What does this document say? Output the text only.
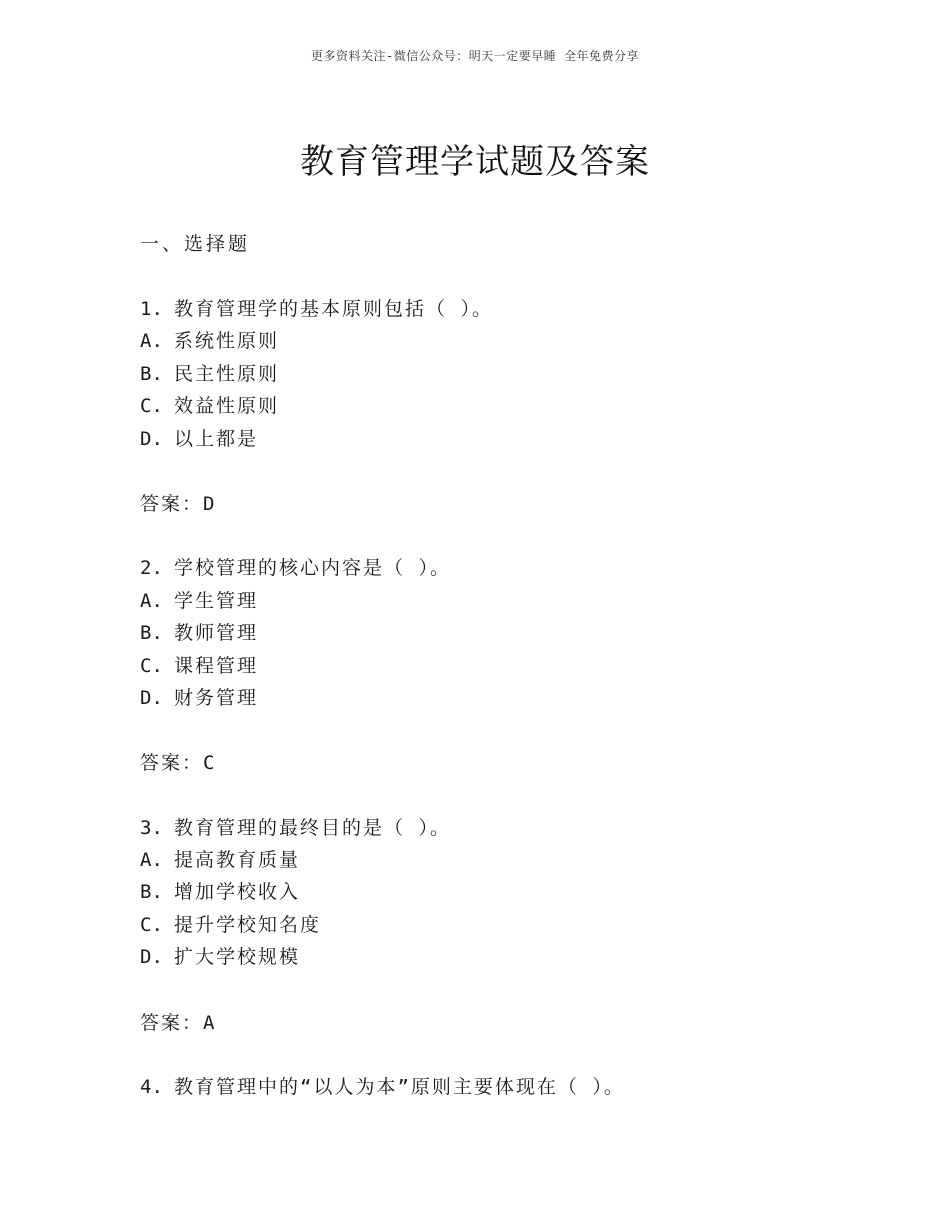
更多资料关注-微信公众号：明天一定要早睡 全年免费分享
教育管理学试题及答案
一、选择题
1. 教育管理学的基本原则包括（ ）。
A. 系统性原则
B. 民主性原则
C. 效益性原则
D. 以上都是
答案：D
2. 学校管理的核心内容是（ ）。
A. 学生管理
B. 教师管理
C. 课程管理
D. 财务管理
答案：C
3. 教育管理的最终目的是（ ）。
A. 提高教育质量
B. 增加学校收入
C. 提升学校知名度
D. 扩大学校规模
答案：A
4. 教育管理中的“以人为本”原则主要体现在（ ）。
